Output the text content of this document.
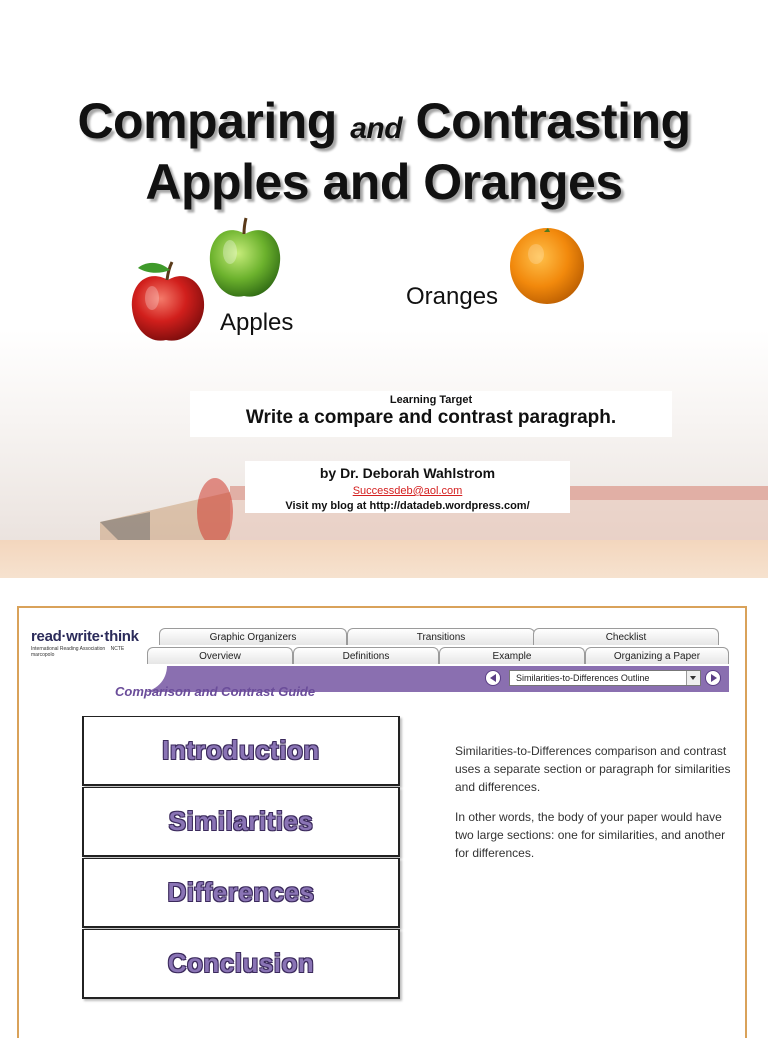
Comparing and Contrasting
Apples and Oranges
Oranges
Apples
Learning Target
Write a compare and contrast paragraph.
by Dr. Deborah Wahlstrom
Successdeb@aol.com
Visit my blog at http://datadeb.wordpress.com/
read·write·think
International Reading Association NCTE marcopolo
Graphic Organizers	Transitions	Checklist
Similarities-to-Differences Outline
Overview	Definitions	Example	Organizing a Paper
Comparison and Contrast Guide
Introduction
Similarities
Differences
Conclusion

Similarities-to-Differences comparison and contrast uses a separate section or paragraph for similarities and differences.

In other words, the body of your paper would have two large sections: one for similarities, and another for differences.
